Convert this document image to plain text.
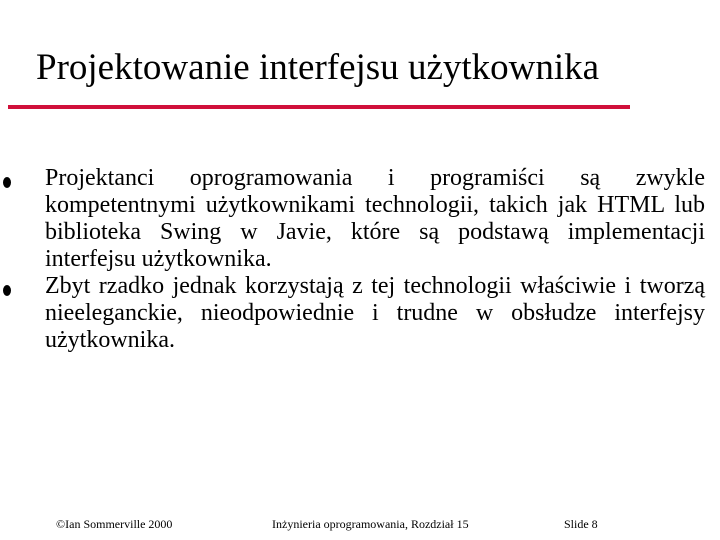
Projektowanie interfejsu użytkownika
Projektanci oprogramowania i programiści są zwykle kompetentnymi użytkownikami technologii, takich jak HTML lub biblioteka Swing w Javie, które są podstawą implementacji interfejsu użytkownika.
Zbyt rzadko jednak korzystają z tej technologii właściwie i tworzą nieeleganckie, nieodpowiednie i trudne w obsłudze interfejsy użytkownika.
©Ian Sommerville 2000	Inżynieria oprogramowania, Rozdział 15	Slide 8
